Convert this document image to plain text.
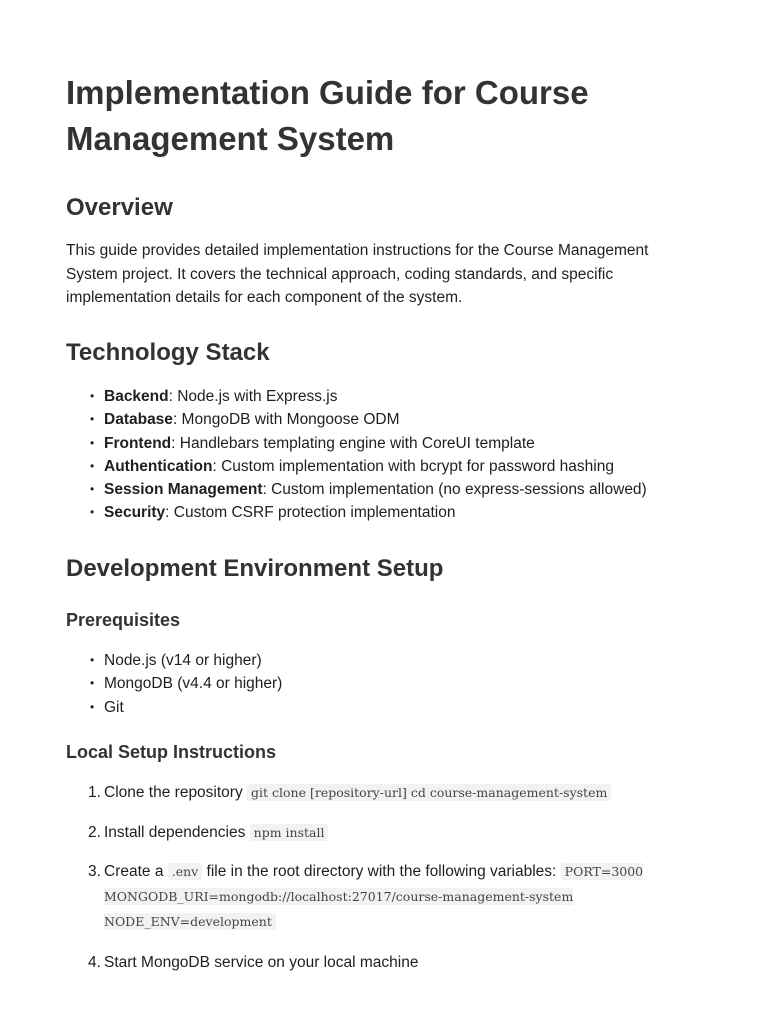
Implementation Guide for Course Management System
Overview

This guide provides detailed implementation instructions for the Course Management System project. It covers the technical approach, coding standards, and specific implementation details for each component of the system.

Technology Stack
• Backend: Node.js with Express.js
• Database: MongoDB with Mongoose ODM
• Frontend: Handlebars templating engine with CoreUI template
• Authentication: Custom implementation with bcrypt for password hashing
• Session Management: Custom implementation (no express-sessions allowed)
• Security: Custom CSRF protection implementation
Development Environment Setup
Prerequisites
• Node.js (v14 or higher)
• MongoDB (v4.4 or higher)
• Git
Local Setup Instructions
1. Clone the repository git clone [repository-url] cd course-management-system
2. Install dependencies npm install
3. Create a .env file in the root directory with the following variables: PORT=3000 MONGODB_URI=mongodb://localhost:27017/course-management-system NODE_ENV=development
4. Start MongoDB service on your local machine
